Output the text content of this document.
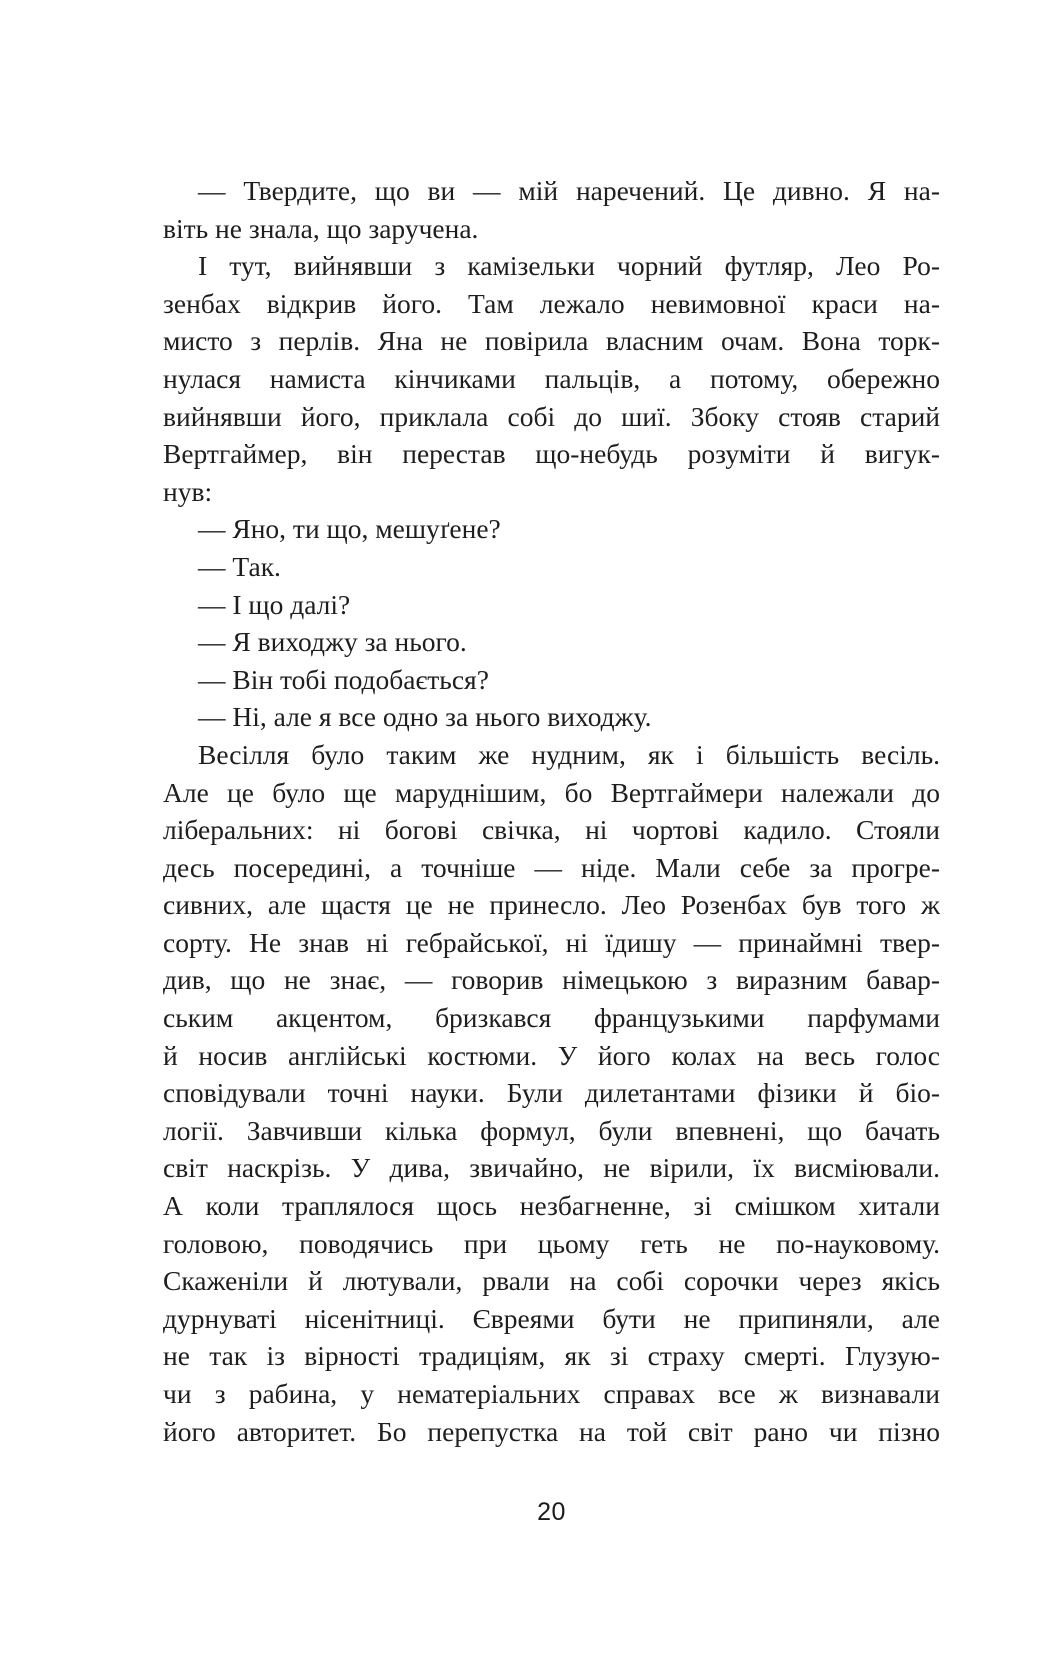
— Твердите, що ви — мій наречений. Це дивно. Я на-
віть не знала, що заручена.
І тут, вийнявши з камізельки чорний футляр, Лео Ро-
зенбах відкрив його. Там лежало невимовної краси на-
мисто з перлів. Яна не повірила власним очам. Вона торк-
нулася намиста кінчиками пальців, а потому, обережно
вийнявши його, приклала собі до шиї. Збоку стояв старий
Вертгаймер, він перестав що-небудь розуміти й вигук-
нув:
— Яно, ти що, мешуґене?
— Так.
— І що далі?
— Я виходжу за нього.
— Він тобі подобається?
— Ні, але я все одно за нього виходжу.
Весілля було таким же нудним, як і більшість весіль.
Але це було ще маруднішим, бо Вертгаймери належали до
ліберальних: ні богові свічка, ні чортові кадило. Стояли
десь посередині, а точніше — ніде. Мали себе за прогре-
сивних, але щастя це не принесло. Лео Розенбах був того ж
сорту. Не знав ні гебрайської, ні їдишу — принаймні твер-
див, що не знає, — говорив німецькою з виразним бавар-
ським акцентом, бризкався французькими парфумами
й носив англійські костюми. У його колах на весь голос
сповідували точні науки. Були дилетантами фізики й біо-
логії. Завчивши кілька формул, були впевнені, що бачать
світ наскрізь. У дива, звичайно, не вірили, їх висміювали.
А коли траплялося щось незбагненне, зі смішком хитали
головою, поводячись при цьому геть не по-науковому.
Скаженіли й лютували, рвали на собі сорочки через якісь
дурнуваті нісенітниці. Євреями бути не припиняли, але
не так із вірності традиціям, як зі страху смерті. Глузую-
чи з рабина, у нематеріальних справах все ж визнавали
його авторитет. Бо перепустка на той світ рано чи пізно
20
